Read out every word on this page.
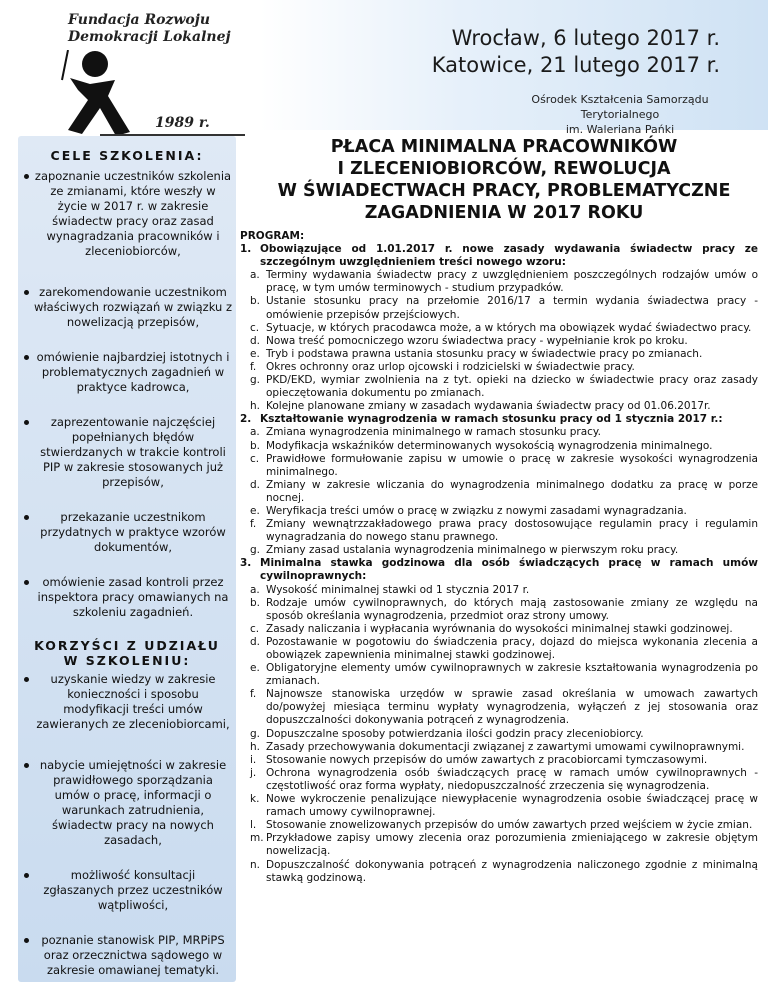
Fundacja Rozwoju
Demokracji Lokalnej
1989 r.
Wrocław, 6 lutego 2017 r.
Katowice, 21 lutego 2017 r.
Ośrodek Kształcenia Samorządu Terytorialnego
im. Waleriana Pańki
CELE SZKOLENIA:
zapoznanie uczestników szkolenia ze zmianami, które weszły w życie w 2017 r. w zakresie świadectw pracy oraz zasad wynagradzania pracowników i zleceniobiorców,
zarekomendowanie uczestnikom właściwych rozwiązań w związku z nowelizacją przepisów,
omówienie najbardziej istotnych i problematycznych zagadnień w praktyce kadrowca,
zaprezentowanie najczęściej popełnianych błędów stwierdzanych w trakcie kontroli PIP w zakresie stosowanych już przepisów,
przekazanie uczestnikom przydatnych w praktyce wzorów dokumentów,
omówienie zasad kontroli przez inspektora pracy omawianych na szkoleniu zagadnień.
KORZYŚCI Z UDZIAŁU
W SZKOLENIU:
uzyskanie wiedzy w zakresie konieczności i sposobu modyfikacji treści umów zawieranych ze zleceniobiorcami,
nabycie umiejętności w zakresie prawidłowego sporządzania umów o pracę, informacji o warunkach zatrudnienia, świadectw pracy na nowych zasadach,
możliwość konsultacji zgłaszanych przez uczestników wątpliwości,
poznanie stanowisk PIP, MRPiPS oraz orzecznictwa sądowego w zakresie omawianej tematyki.
PŁACA MINIMALNA PRACOWNIKÓW
I ZLECENIOBIORCÓW, REWOLUCJA
W ŚWIADECTWACH PRACY, PROBLEMATYCZNE
ZAGADNIENIA W 2017 ROKU
PROGRAM:
1. Obowiązujące od 1.01.2017 r. nowe zasady wydawania świadectw pracy ze szczególnym uwzględnieniem treści nowego wzoru:
a. Terminy wydawania świadectw pracy z uwzględnieniem poszczególnych rodzajów umów o pracę, w tym umów terminowych - studium przypadków.
b. Ustanie stosunku pracy na przełomie 2016/17 a termin wydania świadectwa pracy - omówienie przepisów przejściowych.
c. Sytuacje, w których pracodawca może, a w których ma obowiązek wydać świadectwo pracy.
d. Nowa treść pomocniczego wzoru świadectwa pracy - wypełnianie krok po kroku.
e. Tryb i podstawa prawna ustania stosunku pracy w świadectwie pracy po zmianach.
f. Okres ochronny oraz urlop ojcowski i rodzicielski w świadectwie pracy.
g. PKD/EKD, wymiar zwolnienia na z tyt. opieki na dziecko w świadectwie pracy oraz zasady opieczętowania dokumentu po zmianach.
h. Kolejne planowane zmiany w zasadach wydawania świadectw pracy od 01.06.2017r.
2. Kształtowanie wynagrodzenia w ramach stosunku pracy od 1 stycznia 2017 r.:
a. Zmiana wynagrodzenia minimalnego w ramach stosunku pracy.
b. Modyfikacja wskaźników determinowanych wysokością wynagrodzenia minimalnego.
c. Prawidłowe formułowanie zapisu w umowie o pracę w zakresie wysokości wynagrodzenia minimalnego.
d. Zmiany w zakresie wliczania do wynagrodzenia minimalnego dodatku za pracę w porze nocnej.
e. Weryfikacja treści umów o pracę w związku z nowymi zasadami wynagradzania.
f. Zmiany wewnątrzzakładowego prawa pracy dostosowujące regulamin pracy i regulamin wynagradzania do nowego stanu prawnego.
g. Zmiany zasad ustalania wynagrodzenia minimalnego w pierwszym roku pracy.
3. Minimalna stawka godzinowa dla osób świadczących pracę w ramach umów cywilnoprawnych:
a. Wysokość minimalnej stawki od 1 stycznia 2017 r.
b. Rodzaje umów cywilnoprawnych, do których mają zastosowanie zmiany ze względu na sposób określania wynagrodzenia, przedmiot oraz strony umowy.
c. Zasady naliczania i wypłacania wyrównania do wysokości minimalnej stawki godzinowej.
d. Pozostawanie w pogotowiu do świadczenia pracy, dojazd do miejsca wykonania zlecenia a obowiązek zapewnienia minimalnej stawki godzinowej.
e. Obligatoryjne elementy umów cywilnoprawnych w zakresie kształtowania wynagrodzenia po zmianach.
f. Najnowsze stanowiska urzędów w sprawie zasad określania w umowach zawartych do/powyżej miesiąca terminu wypłaty wynagrodzenia, wyłączeń z jej stosowania oraz dopuszczalności dokonywania potrąceń z wynagrodzenia.
g. Dopuszczalne sposoby potwierdzania ilości godzin pracy zleceniobiorcy.
h. Zasady przechowywania dokumentacji związanej z zawartymi umowami cywilnoprawnymi.
i. Stosowanie nowych przepisów do umów zawartych z pracobiorcami tymczasowymi.
j. Ochrona wynagrodzenia osób świadczących pracę w ramach umów cywilnoprawnych - częstotliwość oraz forma wypłaty, niedopuszczalność zrzeczenia się wynagrodzenia.
k. Nowe wykroczenie penalizujące niewypłacenie wynagrodzenia osobie świadczącej pracę w ramach umowy cywilnoprawnej.
l. Stosowanie znowelizowanych przepisów do umów zawartych przed wejściem w życie zmian.
m. Przykładowe zapisy umowy zlecenia oraz porozumienia zmieniającego w zakresie objętym nowelizacją.
n. Dopuszczalność dokonywania potrąceń z wynagrodzenia naliczonego zgodnie z minimalną stawką godzinową.
